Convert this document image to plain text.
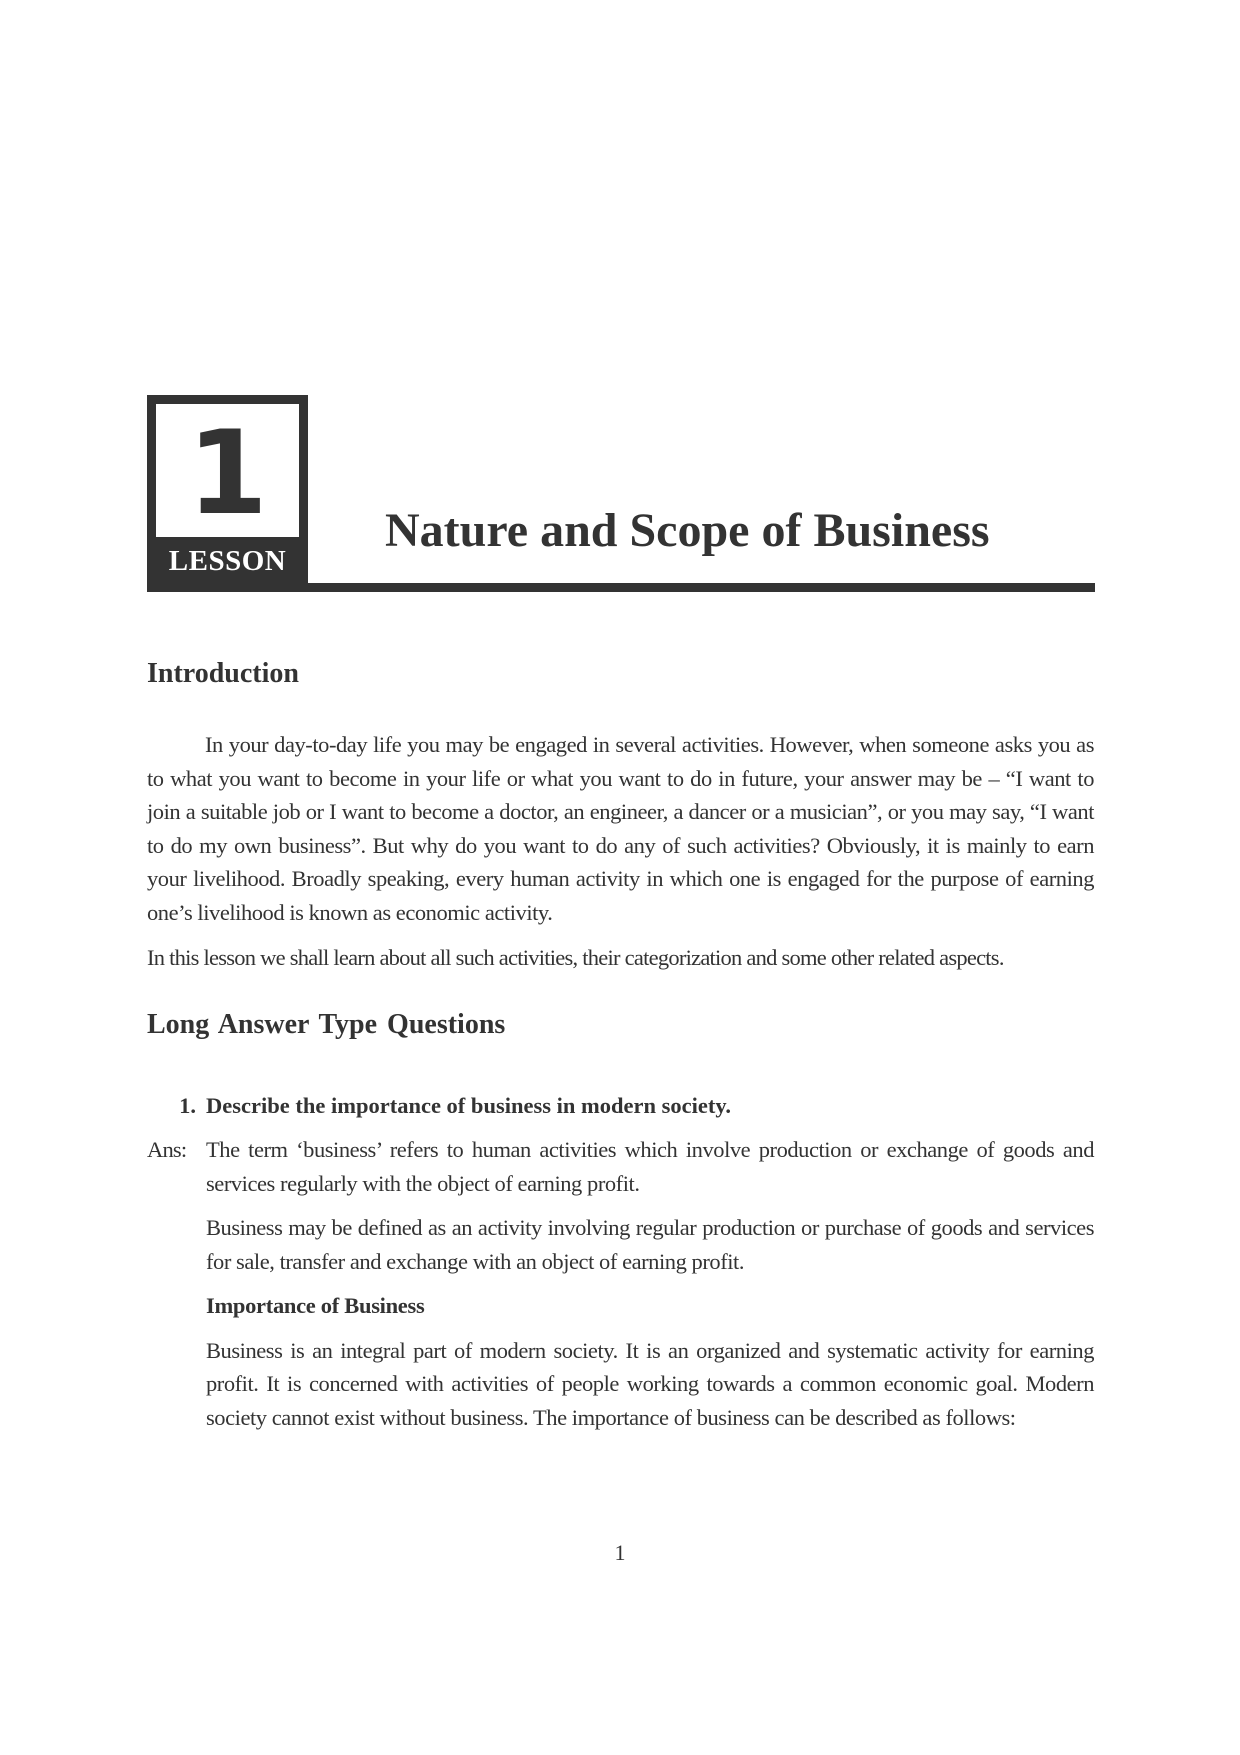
1
LESSON
Nature and Scope of Business
Introduction

In your day-to-day life you may be engaged in several activities. However, when someone asks you as to what you want to become in your life or what you want to do in future, your answer may be – “I want to join a suitable job or I want to become a doctor, an engineer, a dancer or a musician”, or you may say, “I want to do my own business”. But why do you want to do any of such activities? Obviously, it is mainly to earn your livelihood. Broadly speaking, every human activity in which one is engaged for the purpose of earning one’s livelihood is known as economic activity.

In this lesson we shall learn about all such activities, their categorization and some other related aspects.

Long Answer Type Questions
1. Describe the importance of business in modern society.
Ans: The term ‘business’ refers to human activities which involve production or exchange of goods and services regularly with the object of earning profit.

Business may be defined as an activity involving regular production or purchase of goods and services for sale, transfer and exchange with an object of earning profit.

Importance of Business

Business is an integral part of modern society. It is an organized and systematic activity for earning profit. It is concerned with activities of people working towards a common economic goal. Modern society cannot exist without business. The importance of business can be described as follows:

1
